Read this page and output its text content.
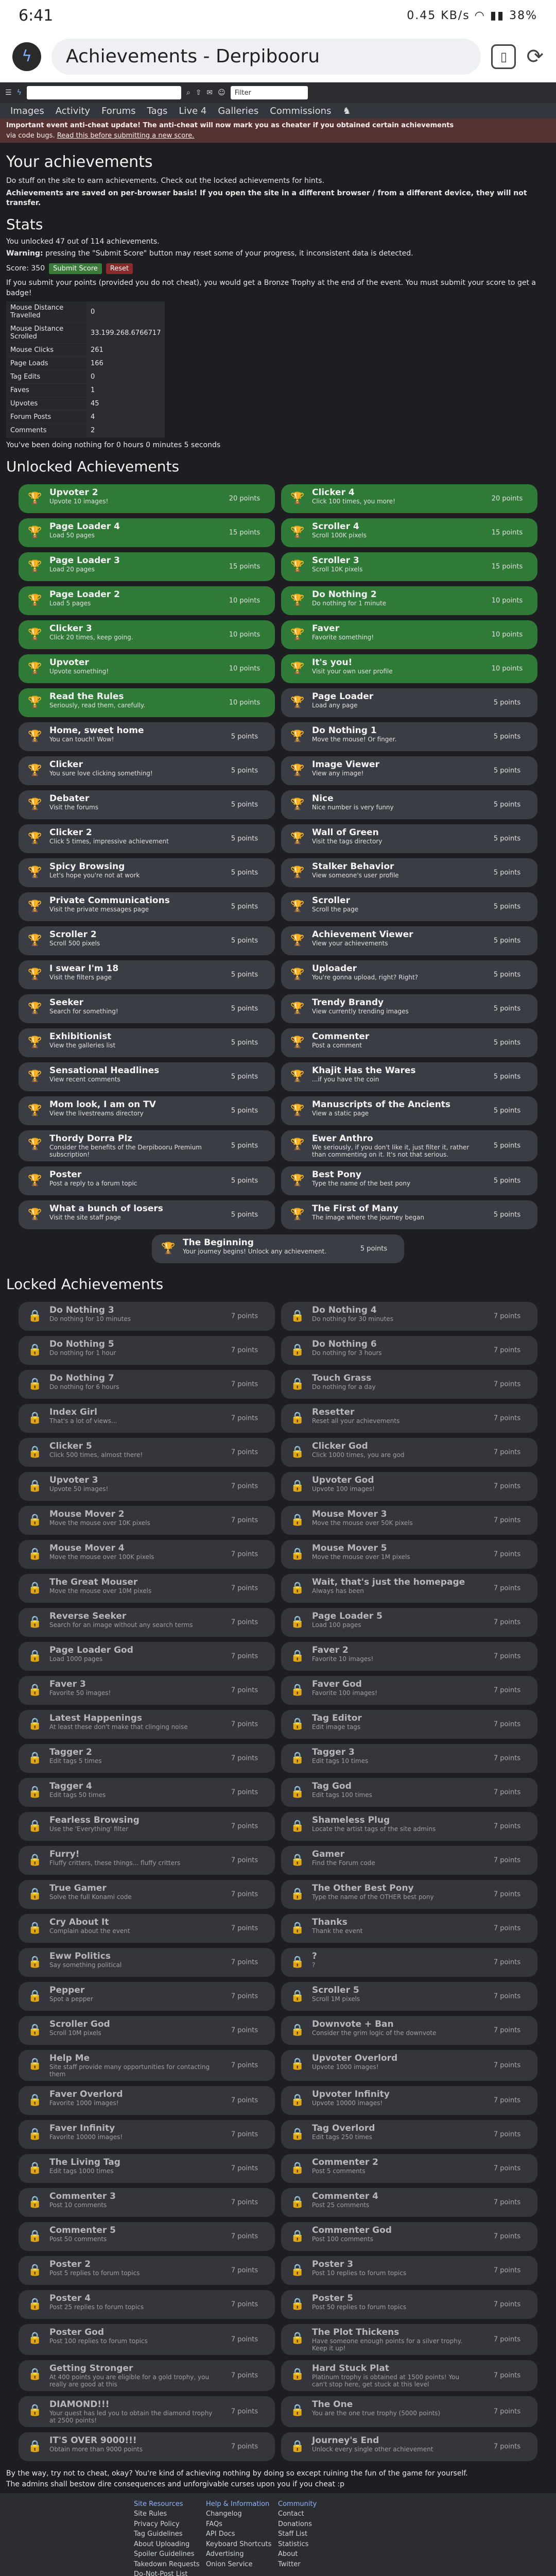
6:41	0.45 KB/s ◠ ▮▮ 38%
ϟ	Achievements - Derpibooru	▯ ⟳
☰ ϟ	⌕ ⇧ ✉ ☺ Filter
Images Activity Forums Tags Live 4 Galleries Commissions ♞
Important event anti-cheat update! The anti-cheat will now mark you as cheater if you obtained certain achievements
via code bugs. Read this before submitting a new score.
Your achievements

Do stuff on the site to earn achievements. Check out the locked achievements for hints.

Achievements are saved on per-browser basis! If you open the site in a different browser / from a different device, they will not transfer.

Stats

You unlocked 47 out of 114 achievements.

Warning: pressing the "Submit Score" button may reset some of your progress, it inconsistent data is detected.

Score: 350	Submit Score	Reset

If you submit your points (provided you do not cheat), you would get a Bronze Trophy at the end of the event. You must submit your score to get a badge!

Mouse Distance Travelled	0
Mouse Distance Scrolled	33.199.268.6766717
Mouse Clicks	261
Page Loads	166
Tag Edits	0
Faves	1
Upvotes	45
Forum Posts	4
Comments	2

You've been doing nothing for 0 hours 0 minutes 5 seconds

Unlocked Achievements
🏆 Upvoter 2
Upvote 10 images!	20 points	🏆 Clicker 4
Click 100 times, you more!	20 points
🏆 Page Loader 4
Load 50 pages	15 points	🏆 Scroller 4
Scroll 100K pixels	15 points
🏆 Page Loader 3
Load 20 pages	15 points	🏆 Scroller 3
Scroll 10K pixels	15 points
🏆 Page Loader 2
Load 5 pages	10 points	🏆 Do Nothing 2
Do nothing for 1 minute	10 points
🏆 Clicker 3
Click 20 times, keep going.	10 points	🏆 Faver
Favorite something!	10 points
🏆 Upvoter
Upvote something!	10 points	🏆 It's you!
Visit your own user profile	10 points
🏆 Read the Rules
Seriously, read them, carefully.	10 points	🏆 Page Loader
Load any page	5 points
🏆 Home, sweet home
You can touch! Wow!	5 points	🏆 Do Nothing 1
Move the mouse! Or finger.	5 points
🏆 Clicker
You sure love clicking something!	5 points	🏆 Image Viewer
View any image!	5 points
🏆 Debater
Visit the forums	5 points	🏆 Nice
Nice number is very funny	5 points
🏆 Clicker 2
Click 5 times, impressive achievement	5 points	🏆 Wall of Green
Visit the tags directory	5 points
🏆 Spicy Browsing
Let's hope you're not at work	5 points	🏆 Stalker Behavior
View someone's user profile	5 points
🏆 Private Communications
Visit the private messages page	5 points	🏆 Scroller
Scroll the page	5 points
🏆 Scroller 2
Scroll 500 pixels	5 points	🏆 Achievement Viewer
View your achievements	5 points
🏆 I swear I'm 18
Visit the filters page	5 points	🏆 Uploader
You're gonna upload, right? Right?	5 points
🏆 Seeker
Search for something!	5 points	🏆 Trendy Brandy
View currently trending images	5 points
🏆 Exhibitionist
View the galleries list	5 points	🏆 Commenter
Post a comment	5 points
🏆 Sensational Headlines
View recent comments	5 points	🏆 Khajit Has the Wares
...if you have the coin	5 points
🏆 Mom look, I am on TV
View the livestreams directory	5 points	🏆 Manuscripts of the Ancients
View a static page	5 points
🏆 Thordy Dorra Plz
Consider the benefits of the Derpibooru Premium subscription!
5 points	🏆 Ewer Anthro
We seriously, if you don't like it, just filter it, rather than commenting on it. It's not that serious.
5 points
🏆 Poster
Post a reply to a forum topic	5 points	🏆 Best Pony
Type the name of the best pony	5 points
🏆 What a bunch of losers
Visit the site staff page	5 points	🏆 The First of Many
The image where the journey began	5 points
🏆 The Beginning
Your journey begins! Unlock any achievement.	5 points
Locked Achievements
🔒 Do Nothing 3
Do nothing for 10 minutes	7 points	🔒 Do Nothing 4
Do nothing for 30 minutes	7 points
🔒 Do Nothing 5
Do nothing for 1 hour	7 points	🔒 Do Nothing 6
Do nothing for 3 hours	7 points
🔒 Do Nothing 7
Do nothing for 6 hours	7 points	🔒 Touch Grass
Do nothing for a day	7 points
🔒 Index Girl
That's a lot of views...	7 points	🔒 Resetter
Reset all your achievements	7 points
🔒 Clicker 5
Click 500 times, almost there!	7 points	🔒 Clicker God
Click 1000 times, you are god	7 points
🔒 Upvoter 3
Upvote 50 images!	7 points	🔒 Upvoter God
Upvote 100 images!	7 points
🔒 Mouse Mover 2
Move the mouse over 10K pixels	7 points	🔒 Mouse Mover 3
Move the mouse over 50K pixels	7 points
🔒 Mouse Mover 4
Move the mouse over 100K pixels	7 points	🔒 Mouse Mover 5
Move the mouse over 1M pixels	7 points
🔒 The Great Mouser
Move the mouse over 10M pixels	7 points	🔒 Wait, that's just the homepage
Always has been	7 points
🔒 Reverse Seeker
Search for an image without any search terms	7 points	🔒 Page Loader 5
Load 100 pages	7 points
🔒 Page Loader God
Load 1000 pages	7 points	🔒 Faver 2
Favorite 10 images!	7 points
🔒 Faver 3
Favorite 50 images!	7 points	🔒 Faver God
Favorite 100 images!	7 points
🔒 Latest Happenings
At least these don't make that clinging noise	7 points	🔒 Tag Editor
Edit image tags	7 points
🔒 Tagger 2
Edit tags 5 times	7 points	🔒 Tagger 3
Edit tags 10 times	7 points
🔒 Tagger 4
Edit tags 50 times	7 points	🔒 Tag God
Edit tags 100 times	7 points
🔒 Fearless Browsing
Use the 'Everything' filter	7 points	🔒 Shameless Plug
Locate the artist tags of the site admins	7 points
🔒 Furry!
Fluffy critters, these things... fluffy critters	7 points	🔒 Gamer
Find the Forum code	7 points
🔒 True Gamer
Solve the full Konami code	7 points	🔒 The Other Best Pony
Type the name of the OTHER best pony	7 points
🔒 Cry About It
Complain about the event	7 points	🔒 Thanks
Thank the event	7 points
🔒 Eww Politics
Say something political	7 points	🔒 ?
?	7 points
🔒 Pepper
Spot a pepper	7 points	🔒 Scroller 5
Scroll 1M pixels	7 points
🔒 Scroller God
Scroll 10M pixels	7 points	🔒 Downvote + Ban
Consider the grim logic of the downvote	7 points
🔒 Help Me
Site staff provide many opportunities for contacting them
7 points	🔒 Upvoter Overlord
Upvote 1000 images!	7 points
🔒 Faver Overlord
Favorite 1000 images!	7 points	🔒 Upvoter Infinity
Upvote 10000 images!	7 points
🔒 Faver Infinity
Favorite 10000 images!	7 points	🔒 Tag Overlord
Edit tags 250 times	7 points
🔒 The Living Tag
Edit tags 1000 times	7 points	🔒 Commenter 2
Post 5 comments	7 points
🔒 Commenter 3
Post 10 comments	7 points	🔒 Commenter 4
Post 25 comments	7 points
🔒 Commenter 5
Post 50 comments	7 points	🔒 Commenter God
Post 100 comments	7 points
🔒 Poster 2
Post 5 replies to forum topics	7 points	🔒 Poster 3
Post 10 replies to forum topics	7 points
🔒 Poster 4
Post 25 replies to forum topics	7 points	🔒 Poster 5
Post 50 replies to forum topics	7 points
🔒 Poster God
Post 100 replies to forum topics	7 points	🔒 The Plot Thickens
Have someone enough points for a silver trophy. Keep it up!
7 points
🔒 Getting Stronger
At 400 points you are eligible for a gold trophy, you really are good at this
7 points	🔒 Hard Stuck Plat
Platinum trophy is obtained at 1500 points! You can't stop here, get stuck at this level
7 points
🔒 DIAMOND!!!
Your quest has led you to obtain the diamond trophy at 2500 points!
7 points	🔒 The One
You are the one true trophy (5000 points)	7 points
🔒 IT'S OVER 9000!!!
Obtain more than 9000 points	7 points	🔒 Journey's End
Unlock every single other achievement	7 points
By the way, try not to cheat, okay? You're kind of achieving nothing by doing so except ruining the fun of the game for yourself.
The admins shall bestow dire consequences and unforgivable curses upon you if you cheat :p
Site Resources
Site Rules
Privacy Policy
Tag Guidelines
About Uploading
Spoiler Guidelines
Takedown Requests
Do-Not-Post List
Help & Information
Changelog
FAQs
API Docs
Keyboard Shortcuts
Advertising
Onion Service
Community
Contact
Donations
Staff List
Statistics
About
Twitter
